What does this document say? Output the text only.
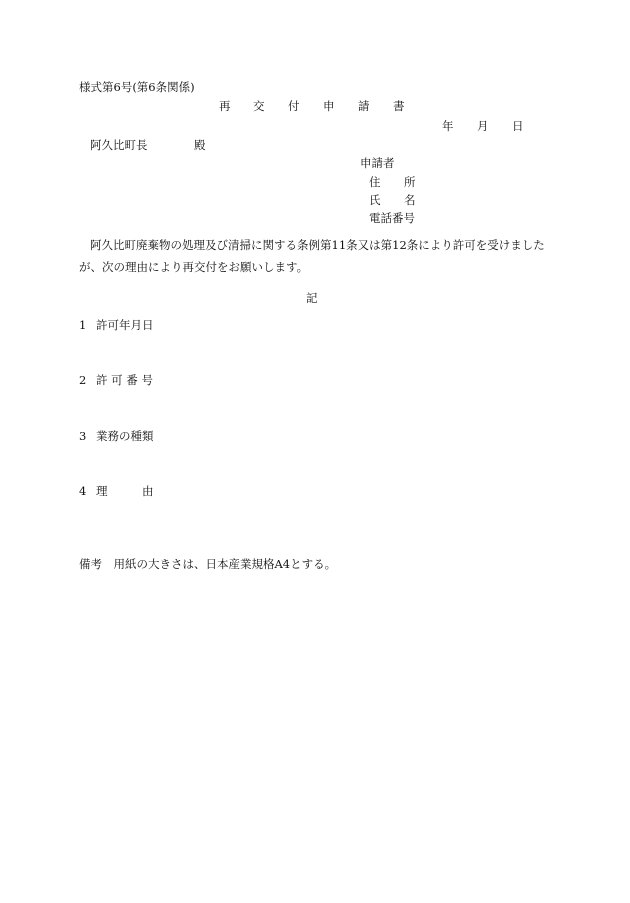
様式第6号(第6条関係)
再 交 付 申 請 書
年 月 日
阿久比町長	殿
申請者
住 所
氏 名
電話番号
阿久比町廃棄物の処理及び清掃に関する条例第11条又は第12条により許可を受けました
が、次の理由により再交付をお願いします。
記
1 許可年月日
2 許 可 番 号
3 業務の種類
4 理	由
備考　用紙の大きさは、日本産業規格A4とする。
